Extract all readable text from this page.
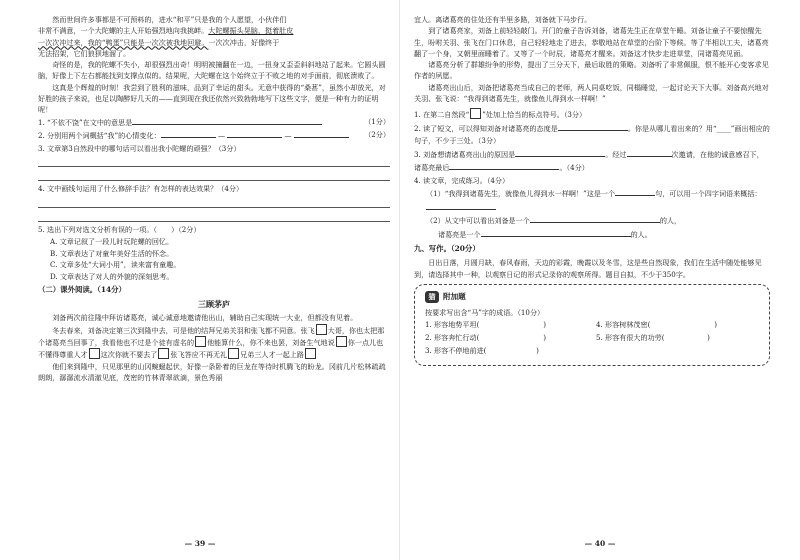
然而世间许多事都是不可预料的，进水“和平”只是我的个人愿望，小伙伴们

非常不满意，一个大陀螺的主人开始强烈地向我挑衅。大陀螺振头晃脑，挺着肚皮

一次次冲过来，我的“鸭蛋”只能是一次次被我地回避。一次次冲击，好像终于

无法招架，它们狼狈地溜了。

奇怪的是，我的陀螺不失小，却很强烈出奇！明明被撞翻在一边，一扭身又歪歪斜斜地站了起来。它圆头圆脑，好像上下左右都能找到支撑点似的。结果呢，大陀螺在这个始终立于不败之地的对手面前，彻底溃败了。

这真是个辉煌的时刻！我尝到了胜利的滋味，品到了幸运的甜头。无意中获得的“桑葚”，虽然小却放光，对好胜的孩子来说，也足以陶醉好几天的——直到现在我还依然兴致勃勃地写下这些文字，便是一种有力的证明呢！

1. “不依不饶”在文中的意思是	（1分）

2. 分别用两个词概括“我”的心情变化：	—	—	（2分）

3. 文章第3自然段中的哪句话可以看出我小陀螺的顽强？（3分）

4. 文中画线句运用了什么修辞手法？有怎样的表达效果？（4分）

5. 选出下列对选文分析有误的一项。（　　）（2分）

A. 文章记叙了一段儿时玩陀螺的回忆。

B. 文章表达了对童年美好生活的怀念。

C. 文章多处“大词小用”，读来富有童趣。

D. 文章表达了对人的外貌的深刻思考。

（二）课外阅读。（14分）

三顾茅庐

刘备两次前往隆中拜访诸葛亮，诚心诚意地邀请他出山，辅助自己实现统一大业，但都没有见着。

冬去春来，刘备决定第三次到隆中去，可是他的结拜兄弟关羽和张飞都不同意。张飞 大哥，你也太把那个诸葛亮当回事了，我看他也不过是个徒有虚名的 他能算什么，你不来也罢，刘备生气地说 你一点儿也不懂得尊重人才 这次你就不要去了 张飞答应不再无礼 兄弟三人才一起上路

他们来到隆中，只见那里的山冈蜿蜒起伏，好像一条卧着的巨龙在等待时机腾飞的盼龙。冈前几片松林疏疏朗朗，潺潺流水清澈见底，茂密的竹林青翠欲滴，景色秀丽

— 39 —

宜人。离诸葛亮的住处还有半里多路，刘备就下马步行。

到了诸葛亮家，刘备上前轻轻敲门。开门的童子告诉刘备，诸葛先生正在草堂午睡。刘备让童子不要惊醒先生，吩咐关羽、张飞在门口休息，自己轻轻地走了进去，恭敬地站在草堂的台阶下等候。等了半相以工夫，诸葛亮翻了一个身，又朝里面睡着了。又等了一个时辰，诸葛亮才醒来。刘备这才快步走进草堂，同诸葛亮见面。

诸葛亮分析了群雄纷争的形势，提出了三分天下，最后取胜的策略。刘备听了非常佩服，恨不能开心变客求见作者的夙愿。

诸葛亮出山后，刘备把诸葛亮当成自己的老师，两人同桌吃饭，同榻睡觉，一起讨论天下大事。刘备高兴地对关羽、张飞说：“我得到诸葛先生，就像鱼儿得到水一样啊！”

1. 在第二自然段“ ”处加上恰当的标点符号。（3分）

2. 读了短文，可以得知刘备对诸葛亮的态度是	。你是从哪儿看出来的？用“____”画出相应的句子，不少于三处。（3分）

3. 刘备想请诸葛亮出山的原因是	。经过	次邀请，在他的诚意感召下，诸葛亮最后	。（4分）

4. 读文章，完成练习。（4分）

（1）“我得到诸葛先生，就像鱼儿得到水一样啊！”这是一个	句，可以用一个四字词语来概括：

（2）从文中可以看出刘备是一个	的人，
诸葛亮是一个	的人。

九、写作。（20分）

日出日落，月圆月缺，春风春雨，天边的彩霞，晚霞以及冬雪，这是些自然现象，我们在生活中随处能够见到，请选择其中一种，以观察日记的形式记录你的观察所得。题目自拟，不少于350字。

猫 附加题

按要求写出含“马”字的成语。（10分）

1. 形容地势平坦(　　　　　　　　　)	4. 形容树林茂密(　　　　　　　　　)

2. 形容奔忙行动(　　　　　　　　　)	5. 形容有很大的功劳(　　　　　　)

3. 形容不停地前进(　　　　　　　)

— 40 —
